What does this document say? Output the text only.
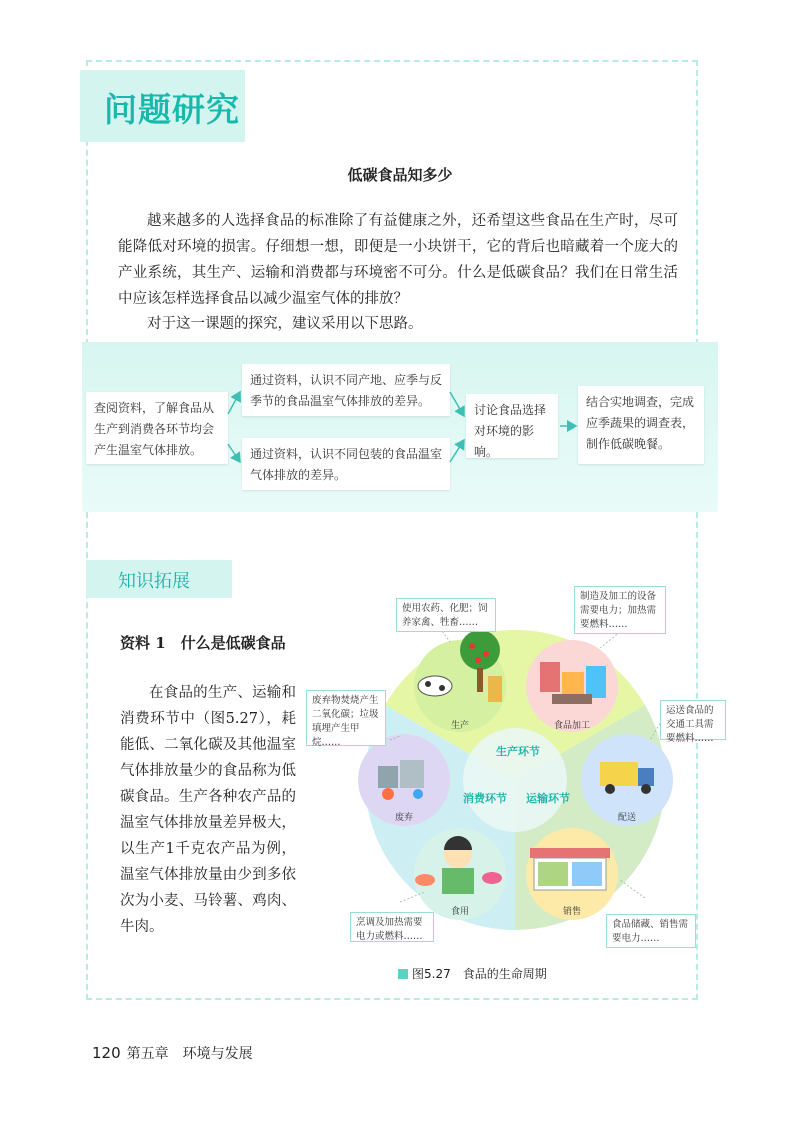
问题研究
低碳食品知多少
越来越多的人选择食品的标准除了有益健康之外，还希望这些食品在生产时，尽可能降低对环境的损害。仔细想一想，即便是一小块饼干，它的背后也暗藏着一个庞大的产业系统，其生产、运输和消费都与环境密不可分。什么是低碳食品？我们在日常生活中应该怎样选择食品以减少温室气体的排放？
对于这一课题的探究，建议采用以下思路。
查阅资料，了解食品从生产到消费各环节均会产生温室气体排放。
通过资料，认识不同产地、应季与反季节的食品温室气体排放的差异。
通过资料，认识不同包装的食品温室气体排放的差异。
讨论食品选择对环境的影响。
结合实地调查，完成应季蔬果的调查表，制作低碳晚餐。
知识拓展
资料 1　什么是低碳食品
在食品的生产、运输和消费环节中（图5.27），耗能低、二氧化碳及其他温室气体排放量少的食品称为低碳食品。生产各种农产品的温室气体排放量差异极大，以生产1千克农产品为例，温室气体排放量由少到多依次为小麦、马铃薯、鸡肉、牛肉。
生产环节
消费环节 运输环节
生产	食品加工
配送
销售
食用
废弃
使用农药、化肥；饲养家禽、牲畜……
制造及加工的设备需要电力；加热需要燃料……
运送食品的交通工具需要燃料……
食品储藏、销售需要电力……
烹调及加热需要电力或燃料……
废弃物焚烧产生二氧化碳；垃圾填埋产生甲烷……
图5.27　食品的生命周期
120 第五章　环境与发展
